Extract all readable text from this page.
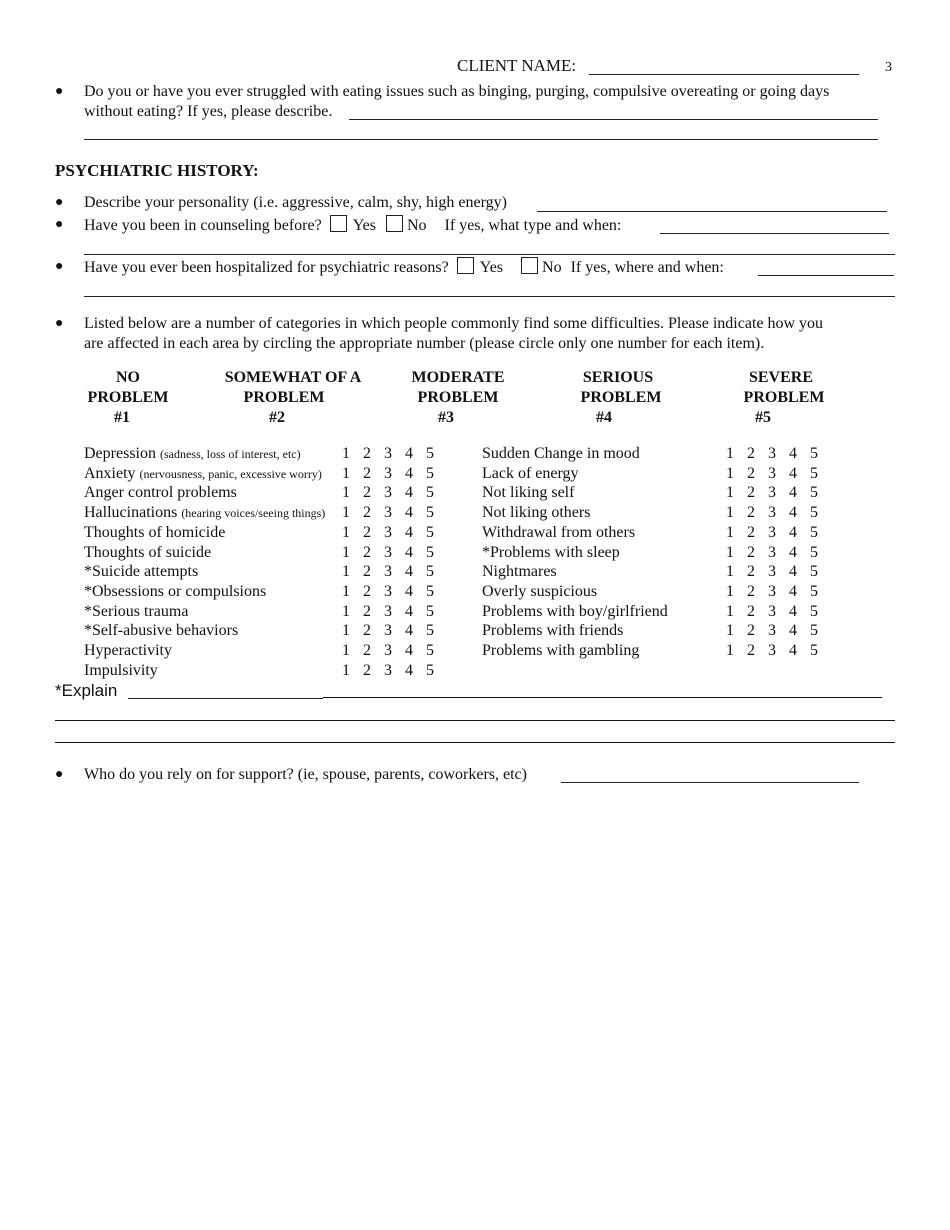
CLIENT NAME:	3
● Do you or have you ever struggled with eating issues such as binging, purging, compulsive overeating or going days
without eating? If yes, please describe.
PSYCHIATRIC HISTORY:
● Describe your personality (i.e. aggressive, calm, shy, high energy)
● Have you been in counseling before? Yes No If yes, what type and when:
● Have you ever been hospitalized for psychiatric reasons? Yes No If yes, where and when:
● Listed below are a number of categories in which people commonly find some difficulties. Please indicate how you
are affected in each area by circling the appropriate number (please circle only one number for each item).
NO
PROBLEM
#1
SOMEWHAT OF A
PROBLEM
#2
MODERATE
PROBLEM
#3
SERIOUS
PROBLEM
#4
SEVERE
PROBLEM
#5
Depression (sadness, loss of interest, etc)	1 2 3 4 5
Anxiety (nervousness, panic, excessive worry) 1 2 3 4 5
Anger control problems	1 2 3 4 5
Hallucinations (hearing voices/seeing things) 1 2 3 4 5
Thoughts of homicide	1 2 3 4 5
Thoughts of suicide	1 2 3 4 5
*Suicide attempts	1 2 3 4 5
*Obsessions or compulsions	1 2 3 4 5
*Serious trauma	1 2 3 4 5
*Self-abusive behaviors	1 2 3 4 5
Hyperactivity	1 2 3 4 5
Impulsivity	1 2 3 4 5
Sudden Change in mood	1 2 3 4 5
Lack of energy	1 2 3 4 5
Not liking self	1 2 3 4 5
Not liking others	1 2 3 4 5
Withdrawal from others	1 2 3 4 5
*Problems with sleep	1 2 3 4 5
Nightmares	1 2 3 4 5
Overly suspicious	1 2 3 4 5
Problems with boy/girlfriend	1 2 3 4 5
Problems with friends	1 2 3 4 5
Problems with gambling	1 2 3 4 5
*Explain
● Who do you rely on for support? (ie, spouse, parents, coworkers, etc)
